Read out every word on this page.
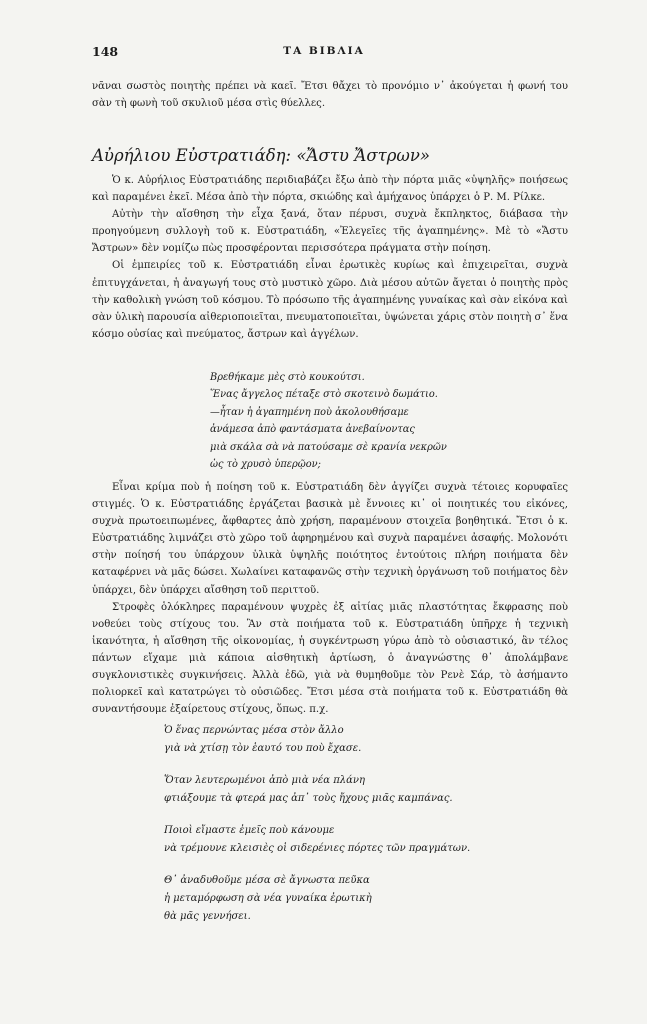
148	ΤΑ ΒΙΒΛΙΑ

νᾶναι σωστὸς ποιητὴς πρέπει νὰ καεῖ. Ἔτσι θἄχει τὸ προνόμιο ν᾽ ἀκούγεται ἡ φωνή του σὰν τὴ φωνὴ τοῦ σκυλιοῦ μέσα στὶς θύελλες.

Αὐρήλιου Εὐστρατιάδη: «Ἄστυ Ἄστρων»

Ὁ κ. Αὐρήλιος Εὐστρατιάδης περιδιαβάζει ἔξω ἀπὸ τὴν πόρτα μιᾶς «ὑψηλῆς» ποιήσεως καὶ παραμένει ἐκεῖ. Μέσα ἀπὸ τὴν πόρτα, σκιώδης καὶ ἀμήχανος ὑπάρχει ὁ Ρ. Μ. Ρίλκε.

Αὐτὴν τὴν αἴσθηση τὴν εἶχα ξανά, ὅταν πέρυσι, συχνὰ ἔκπληκτος, διάβασα τὴν προηγούμενη συλλογὴ τοῦ κ. Εὐστρατιάδη, «Ἐλεγεῖες τῆς ἀγαπημένης». Μὲ τὸ «Ἄστυ Ἄστρων» δὲν νομίζω πὼς προσφέρονται περισσότερα πράγματα στὴν ποίηση.

Οἱ ἐμπειρίες τοῦ κ. Εὐστρατιάδη εἶναι ἐρωτικὲς κυρίως καὶ ἐπιχειρεῖται, συχνὰ ἐπιτυγχάνεται, ἡ ἀναγωγή τους στὸ μυστικὸ χῶρο. Διὰ μέσου αὐτῶν ἄγεται ὁ ποιητὴς πρὸς τὴν καθολικὴ γνώση τοῦ κόσμου. Τὸ πρόσωπο τῆς ἀγαπημένης γυναίκας καὶ σὰν εἰκόνα καὶ σὰν ὑλικὴ παρουσία αἰθεριοποιεῖται, πνευματοποιεῖται, ὑψώνεται χάρις στὸν ποιητὴ σ᾽ ἕνα κόσμο οὐσίας καὶ πνεύματος, ἄστρων καὶ ἀγγέλων.

Βρεθήκαμε μὲς στὸ κουκούτσι.
Ἕνας ἄγγελος πέταξε στὸ σκοτεινὸ δωμάτιο.
—ἦταν ἡ ἀγαπημένη ποὺ ἀκολουθήσαμε
ἀνάμεσα ἀπὸ φαντάσματα ἀνεβαίνοντας
μιὰ σκάλα σὰ νὰ πατούσαμε σὲ κρανία νεκρῶν
ὡς τὸ χρυσὸ ὑπερῷον;

Εἶναι κρίμα ποὺ ἡ ποίηση τοῦ κ. Εὐστρατιάδη δὲν ἀγγίζει συχνὰ τέτοιες κορυφαῖες στιγμές. Ὁ κ. Εὐστρατιάδης ἐργάζεται βασικὰ μὲ ἔννοιες κι᾽ οἱ ποιητικές του εἰκόνες, συχνὰ πρωτοειπωμένες, ἄφθαρτες ἀπὸ χρήση, παραμένουν στοιχεῖα βοηθητικά. Ἔτσι ὁ κ. Εὐστρατιάδης λιμνάζει στὸ χῶρο τοῦ ἀφηρημένου καὶ συχνὰ παραμένει ἀσαφής. Μολονότι στὴν ποίησή του ὑπάρχουν ὑλικὰ ὑψηλῆς ποιότητος ἐντούτοις πλήρη ποιήματα δὲν καταφέρνει νὰ μᾶς δώσει. Χωλαίνει καταφανῶς στὴν τεχνικὴ ὀργάνωση τοῦ ποιήματος δὲν ὑπάρχει, δὲν ὑπάρχει αἴσθηση τοῦ περιττοῦ.

Στροφὲς ὁλόκληρες παραμένουν ψυχρὲς ἐξ αἰτίας μιᾶς πλαστότητας ἔκφρασης ποὺ νοθεύει τοὺς στίχους του. Ἂν στὰ ποιήματα τοῦ κ. Εὐστρατιάδη ὑπῆρχε ἡ τεχνικὴ ἱκανότητα, ἡ αἴσθηση τῆς οἰκονομίας, ἡ συγκέντρωση γύρω ἀπὸ τὸ οὐσιαστικό, ἂν τέλος πάντων εἴχαμε μιὰ κάποια αἰσθητικὴ ἀρτίωση, ὁ ἀναγνώστης θ᾽ ἀπολάμβανε συγκλονιστικὲς συγκινήσεις. Ἀλλὰ ἐδῶ, γιὰ νὰ θυμηθοῦμε τὸν Ρενὲ Σάρ, τὸ ἀσήμαντο πολιορκεῖ καὶ κατατρώγει τὸ οὐσιῶδες. Ἔτσι μέσα στὰ ποιήματα τοῦ κ. Εὐστρατιάδη θὰ συναντήσουμε ἐξαίρετους στίχους, ὅπως. π.χ.

Ὁ ἕνας περνώντας μέσα στὸν ἄλλο
γιὰ νὰ χτίσῃ τὸν ἑαυτό του ποὺ ἔχασε.
Ὅταν λευτερωμένοι ἀπὸ μιὰ νέα πλάνη
φτιάξουμε τὰ φτερά μας ἀπ᾽ τοὺς ἤχους μιᾶς καμπάνας.
Ποιοὶ εἴμαστε ἐμεῖς ποὺ κάνουμε
νὰ τρέμουνε κλεισιὲς οἱ σιδερένιες πόρτες τῶν πραγμάτων.
Θ᾽ ἀναδυθοῦμε μέσα σὲ ἄγνωστα πεῦκα
ἡ μεταμόρφωση σὰ νέα γυναίκα ἐρωτικὴ
θὰ μᾶς γεννήσει.
